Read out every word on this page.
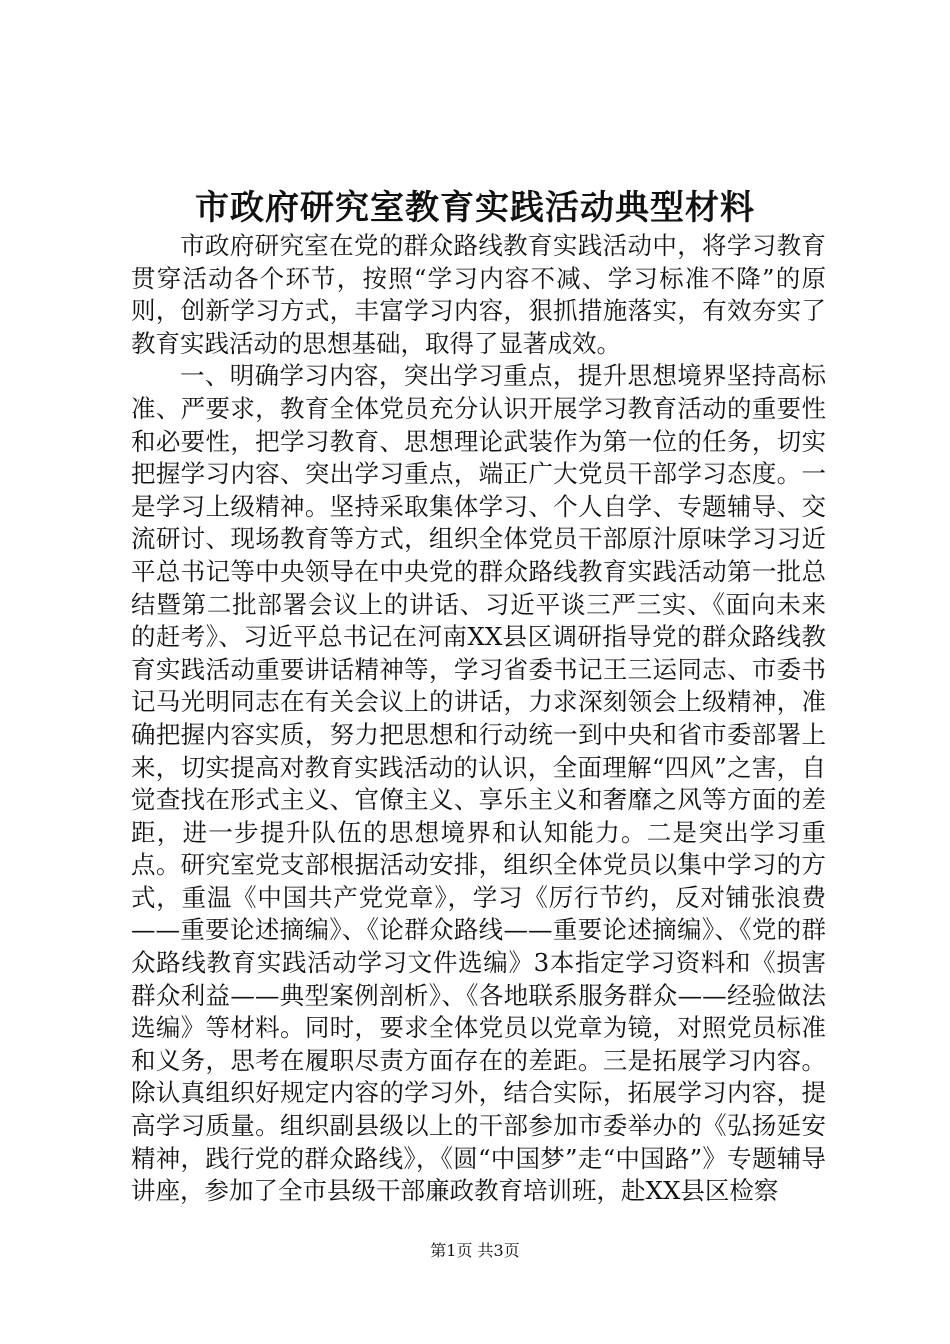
市政府研究室教育实践活动典型材料

市政府研究室在党的群众路线教育实践活动中，将学习教育贯穿活动各个环节，按照“学习内容不减、学习标准不降”的原则，创新学习方式，丰富学习内容，狠抓措施落实，有效夯实了教育实践活动的思想基础，取得了显著成效。

一、明确学习内容，突出学习重点，提升思想境界坚持高标准、严要求，教育全体党员充分认识开展学习教育活动的重要性和必要性，把学习教育、思想理论武装作为第一位的任务，切实把握学习内容、突出学习重点，端正广大党员干部学习态度。一是学习上级精神。坚持采取集体学习、个人自学、专题辅导、交流研讨、现场教育等方式，组织全体党员干部原汁原味学习习近平总书记等中央领导在中央党的群众路线教育实践活动第一批总结暨第二批部署会议上的讲话、习近平谈三严三实、《面向未来的赶考》、习近平总书记在河南XX县区调研指导党的群众路线教育实践活动重要讲话精神等，学习省委书记王三运同志、市委书记马光明同志在有关会议上的讲话，力求深刻领会上级精神，准确把握内容实质，努力把思想和行动统一到中央和省市委部署上来，切实提高对教育实践活动的认识，全面理解“四风”之害，自觉查找在形式主义、官僚主义、享乐主义和奢靡之风等方面的差距，进一步提升队伍的思想境界和认知能力。二是突出学习重点。研究室党支部根据活动安排，组织全体党员以集中学习的方式，重温《中国共产党党章》，学习《厉行节约，反对铺张浪费——重要论述摘编》、《论群众路线——重要论述摘编》、《党的群众路线教育实践活动学习文件选编》3本指定学习资料和《损害群众利益——典型案例剖析》、《各地联系服务群众——经验做法选编》等材料。同时，要求全体党员以党章为镜，对照党员标准和义务，思考在履职尽责方面存在的差距。三是拓展学习内容。除认真组织好规定内容的学习外，结合实际，拓展学习内容，提高学习质量。组织副县级以上的干部参加市委举办的《弘扬延安精神，践行党的群众路线》，《圆“中国梦”走“中国路”》专题辅导讲座，参加了全市县级干部廉政教育培训班，赴XX县区检察

第1页 共3页
